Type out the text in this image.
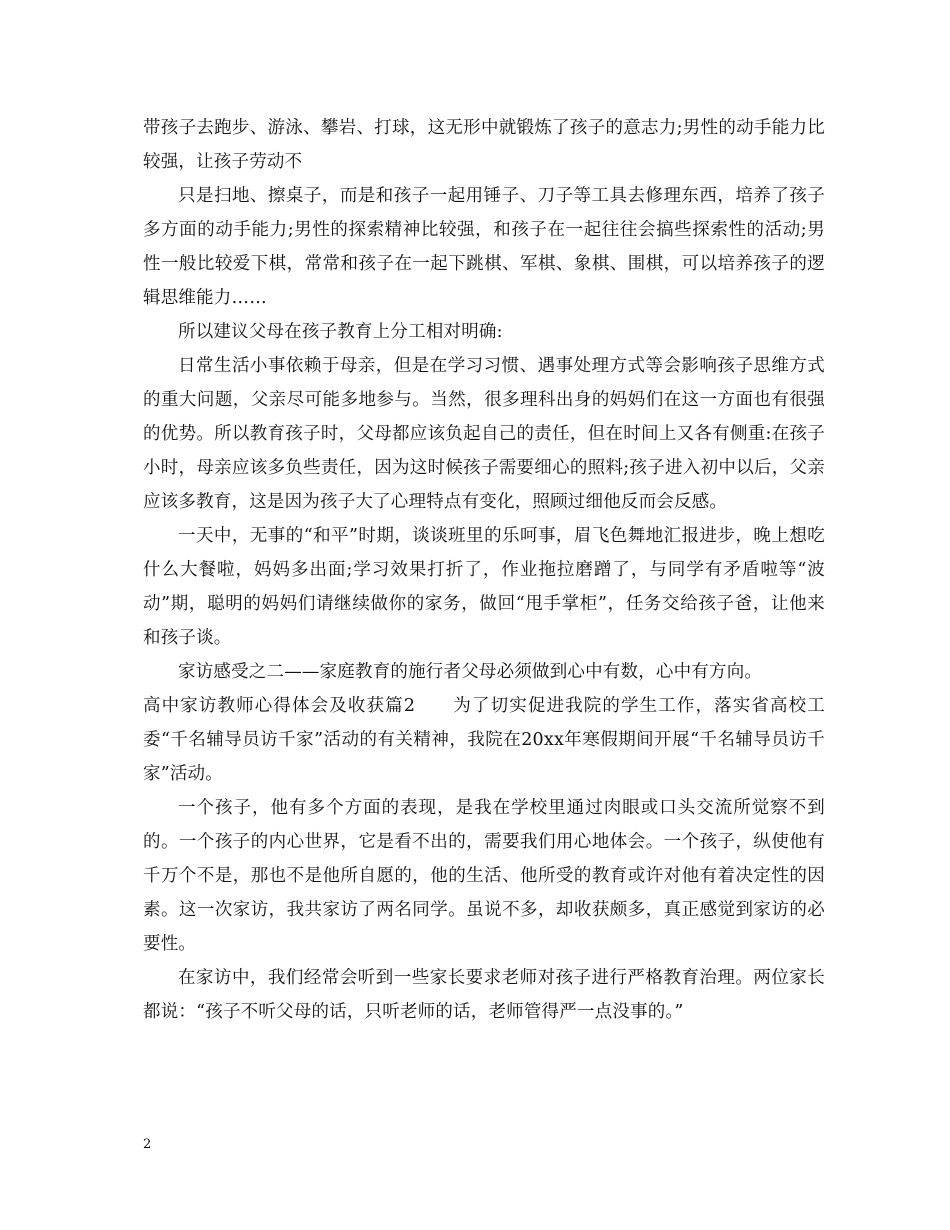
带孩子去跑步、游泳、攀岩、打球，这无形中就锻炼了孩子的意志力;男性的动手能力比较强，让孩子劳动不

只是扫地、擦桌子，而是和孩子一起用锤子、刀子等工具去修理东西，培养了孩子多方面的动手能力;男性的探索精神比较强，和孩子在一起往往会搞些探索性的活动;男性一般比较爱下棋，常常和孩子在一起下跳棋、军棋、象棋、围棋，可以培养孩子的逻辑思维能力……

所以建议父母在孩子教育上分工相对明确:

日常生活小事依赖于母亲，但是在学习习惯、遇事处理方式等会影响孩子思维方式的重大问题，父亲尽可能多地参与。当然，很多理科出身的妈妈们在这一方面也有很强的优势。所以教育孩子时，父母都应该负起自己的责任，但在时间上又各有侧重:在孩子小时，母亲应该多负些责任，因为这时候孩子需要细心的照料;孩子进入初中以后，父亲应该多教育，这是因为孩子大了心理特点有变化，照顾过细他反而会反感。

一天中，无事的“和平”时期，谈谈班里的乐呵事，眉飞色舞地汇报进步，晚上想吃什么大餐啦，妈妈多出面;学习效果打折了，作业拖拉磨蹭了，与同学有矛盾啦等“波动”期，聪明的妈妈们请继续做你的家务，做回“甩手掌柜”，任务交给孩子爸，让他来和孩子谈。

家访感受之二——家庭教育的施行者父母必须做到心中有数，心中有方向。

高中家访教师心得体会及收获篇2　　为了切实促进我院的学生工作，落实省高校工委“千名辅导员访千家”活动的有关精神，我院在20xx年寒假期间开展“千名辅导员访千家”活动。

一个孩子，他有多个方面的表现，是我在学校里通过肉眼或口头交流所觉察不到的。一个孩子的内心世界，它是看不出的，需要我们用心地体会。一个孩子，纵使他有千万个不是，那也不是他所自愿的，他的生活、他所受的教育或许对他有着决定性的因素。这一次家访，我共家访了两名同学。虽说不多，却收获颇多，真正感觉到家访的必要性。

在家访中，我们经常会听到一些家长要求老师对孩子进行严格教育治理。两位家长都说：“孩子不听父母的话，只听老师的话，老师管得严一点没事的。”

2
